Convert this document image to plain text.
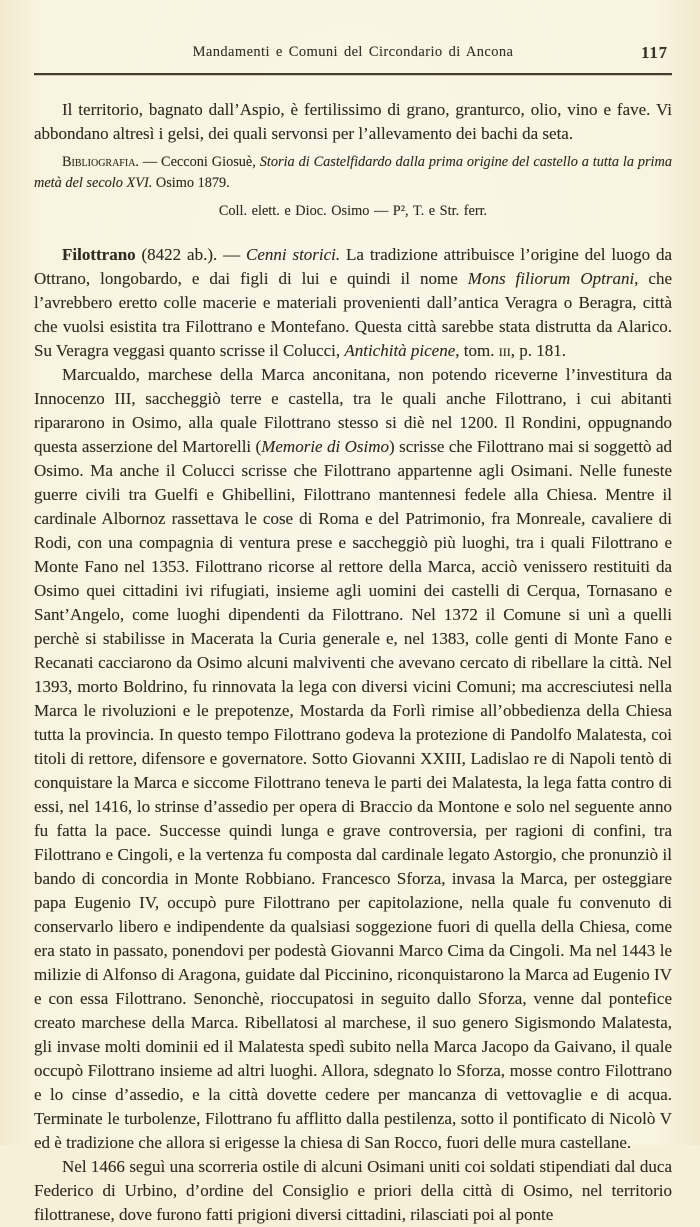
Mandamenti e Comuni del Circondario di Ancona	117

Il territorio, bagnato dall’Aspio, è fertilissimo di grano, granturco, olio, vino e fave. Vi abbondano altresì i gelsi, dei quali servonsi per l’allevamento dei bachi da seta.

Bibliografia. — Cecconi Giosuè, Storia di Castelfidardo dalla prima origine del castello a tutta la prima metà del secolo XVI. Osimo 1879.

Coll. elett. e Dioc. Osimo — P², T. e Str. ferr.

Filottrano (8422 ab.). — Cenni storici. La tradizione attribuisce l’origine del luogo da Ottrano, longobardo, e dai figli di lui e quindi il nome Mons filiorum Optrani, che l’avrebbero eretto colle macerie e materiali provenienti dall’antica Veragra o Beragra, città che vuolsi esistita tra Filottrano e Montefano. Questa città sarebbe stata distrutta da Alarico. Su Veragra veggasi quanto scrisse il Colucci, Antichità picene, tom. iii, p. 181.

Marcualdo, marchese della Marca anconitana, non potendo riceverne l’investitura da Innocenzo III, saccheggiò terre e castella, tra le quali anche Filottrano, i cui abitanti ripararono in Osimo, alla quale Filottrano stesso si diè nel 1200. Il Rondini, oppugnando questa asserzione del Martorelli (Memorie di Osimo) scrisse che Filottrano mai si soggettò ad Osimo. Ma anche il Colucci scrisse che Filottrano appartenne agli Osimani. Nelle funeste guerre civili tra Guelfi e Ghibellini, Filottrano mantennesi fedele alla Chiesa. Mentre il cardinale Albornoz rassettava le cose di Roma e del Patrimonio, fra Monreale, cavaliere di Rodi, con una compagnia di ventura prese e saccheggiò più luoghi, tra i quali Filottrano e Monte Fano nel 1353. Filottrano ricorse al rettore della Marca, acciò venissero restituiti da Osimo quei cittadini ivi rifugiati, insieme agli uomini dei castelli di Cerqua, Tornasano e Sant’Angelo, come luoghi dipendenti da Filottrano. Nel 1372 il Comune si unì a quelli perchè si stabilisse in Macerata la Curia generale e, nel 1383, colle genti di Monte Fano e Recanati cacciarono da Osimo alcuni malviventi che avevano cercato di ribellare la città. Nel 1393, morto Boldrino, fu rinnovata la lega con diversi vicini Comuni; ma accresciutesi nella Marca le rivoluzioni e le prepotenze, Mostarda da Forlì rimise all’obbedienza della Chiesa tutta la provincia. In questo tempo Filottrano godeva la protezione di Pandolfo Malatesta, coi titoli di rettore, difensore e governatore. Sotto Giovanni XXIII, Ladislao re di Napoli tentò di conquistare la Marca e siccome Filottrano teneva le parti dei Malatesta, la lega fatta contro di essi, nel 1416, lo strinse d’assedio per opera di Braccio da Montone e solo nel seguente anno fu fatta la pace. Successe quindi lunga e grave controversia, per ragioni di confini, tra Filottrano e Cingoli, e la vertenza fu composta dal cardinale legato Astorgio, che pronunziò il bando di concordia in Monte Robbiano. Francesco Sforza, invasa la Marca, per osteggiare papa Eugenio IV, occupò pure Filottrano per capitolazione, nella quale fu convenuto di conservarlo libero e indipendente da qualsiasi soggezione fuori di quella della Chiesa, come era stato in passato, ponendovi per podestà Giovanni Marco Cima da Cingoli. Ma nel 1443 le milizie di Alfonso di Aragona, guidate dal Piccinino, riconquistarono la Marca ad Eugenio IV e con essa Filottrano. Senonchè, rioccupatosi in seguito dallo Sforza, venne dal pontefice creato marchese della Marca. Ribellatosi al marchese, il suo genero Sigismondo Malatesta, gli invase molti dominii ed il Malatesta spedì subito nella Marca Jacopo da Gaivano, il quale occupò Filottrano insieme ad altri luoghi. Allora, sdegnato lo Sforza, mosse contro Filottrano e lo cinse d’assedio, e la città dovette cedere per mancanza di vettovaglie e di acqua. Terminate le turbolenze, Filottrano fu afflitto dalla pestilenza, sotto il pontificato di Nicolò V ed è tradizione che allora si erigesse la chiesa di San Rocco, fuori delle mura castellane.

Nel 1466 seguì una scorreria ostile di alcuni Osimani uniti coi soldati stipendiati dal duca Federico di Urbino, d’ordine del Consiglio e priori della città di Osimo, nel territorio filottranese, dove furono fatti prigioni diversi cittadini, rilasciati poi al ponte
